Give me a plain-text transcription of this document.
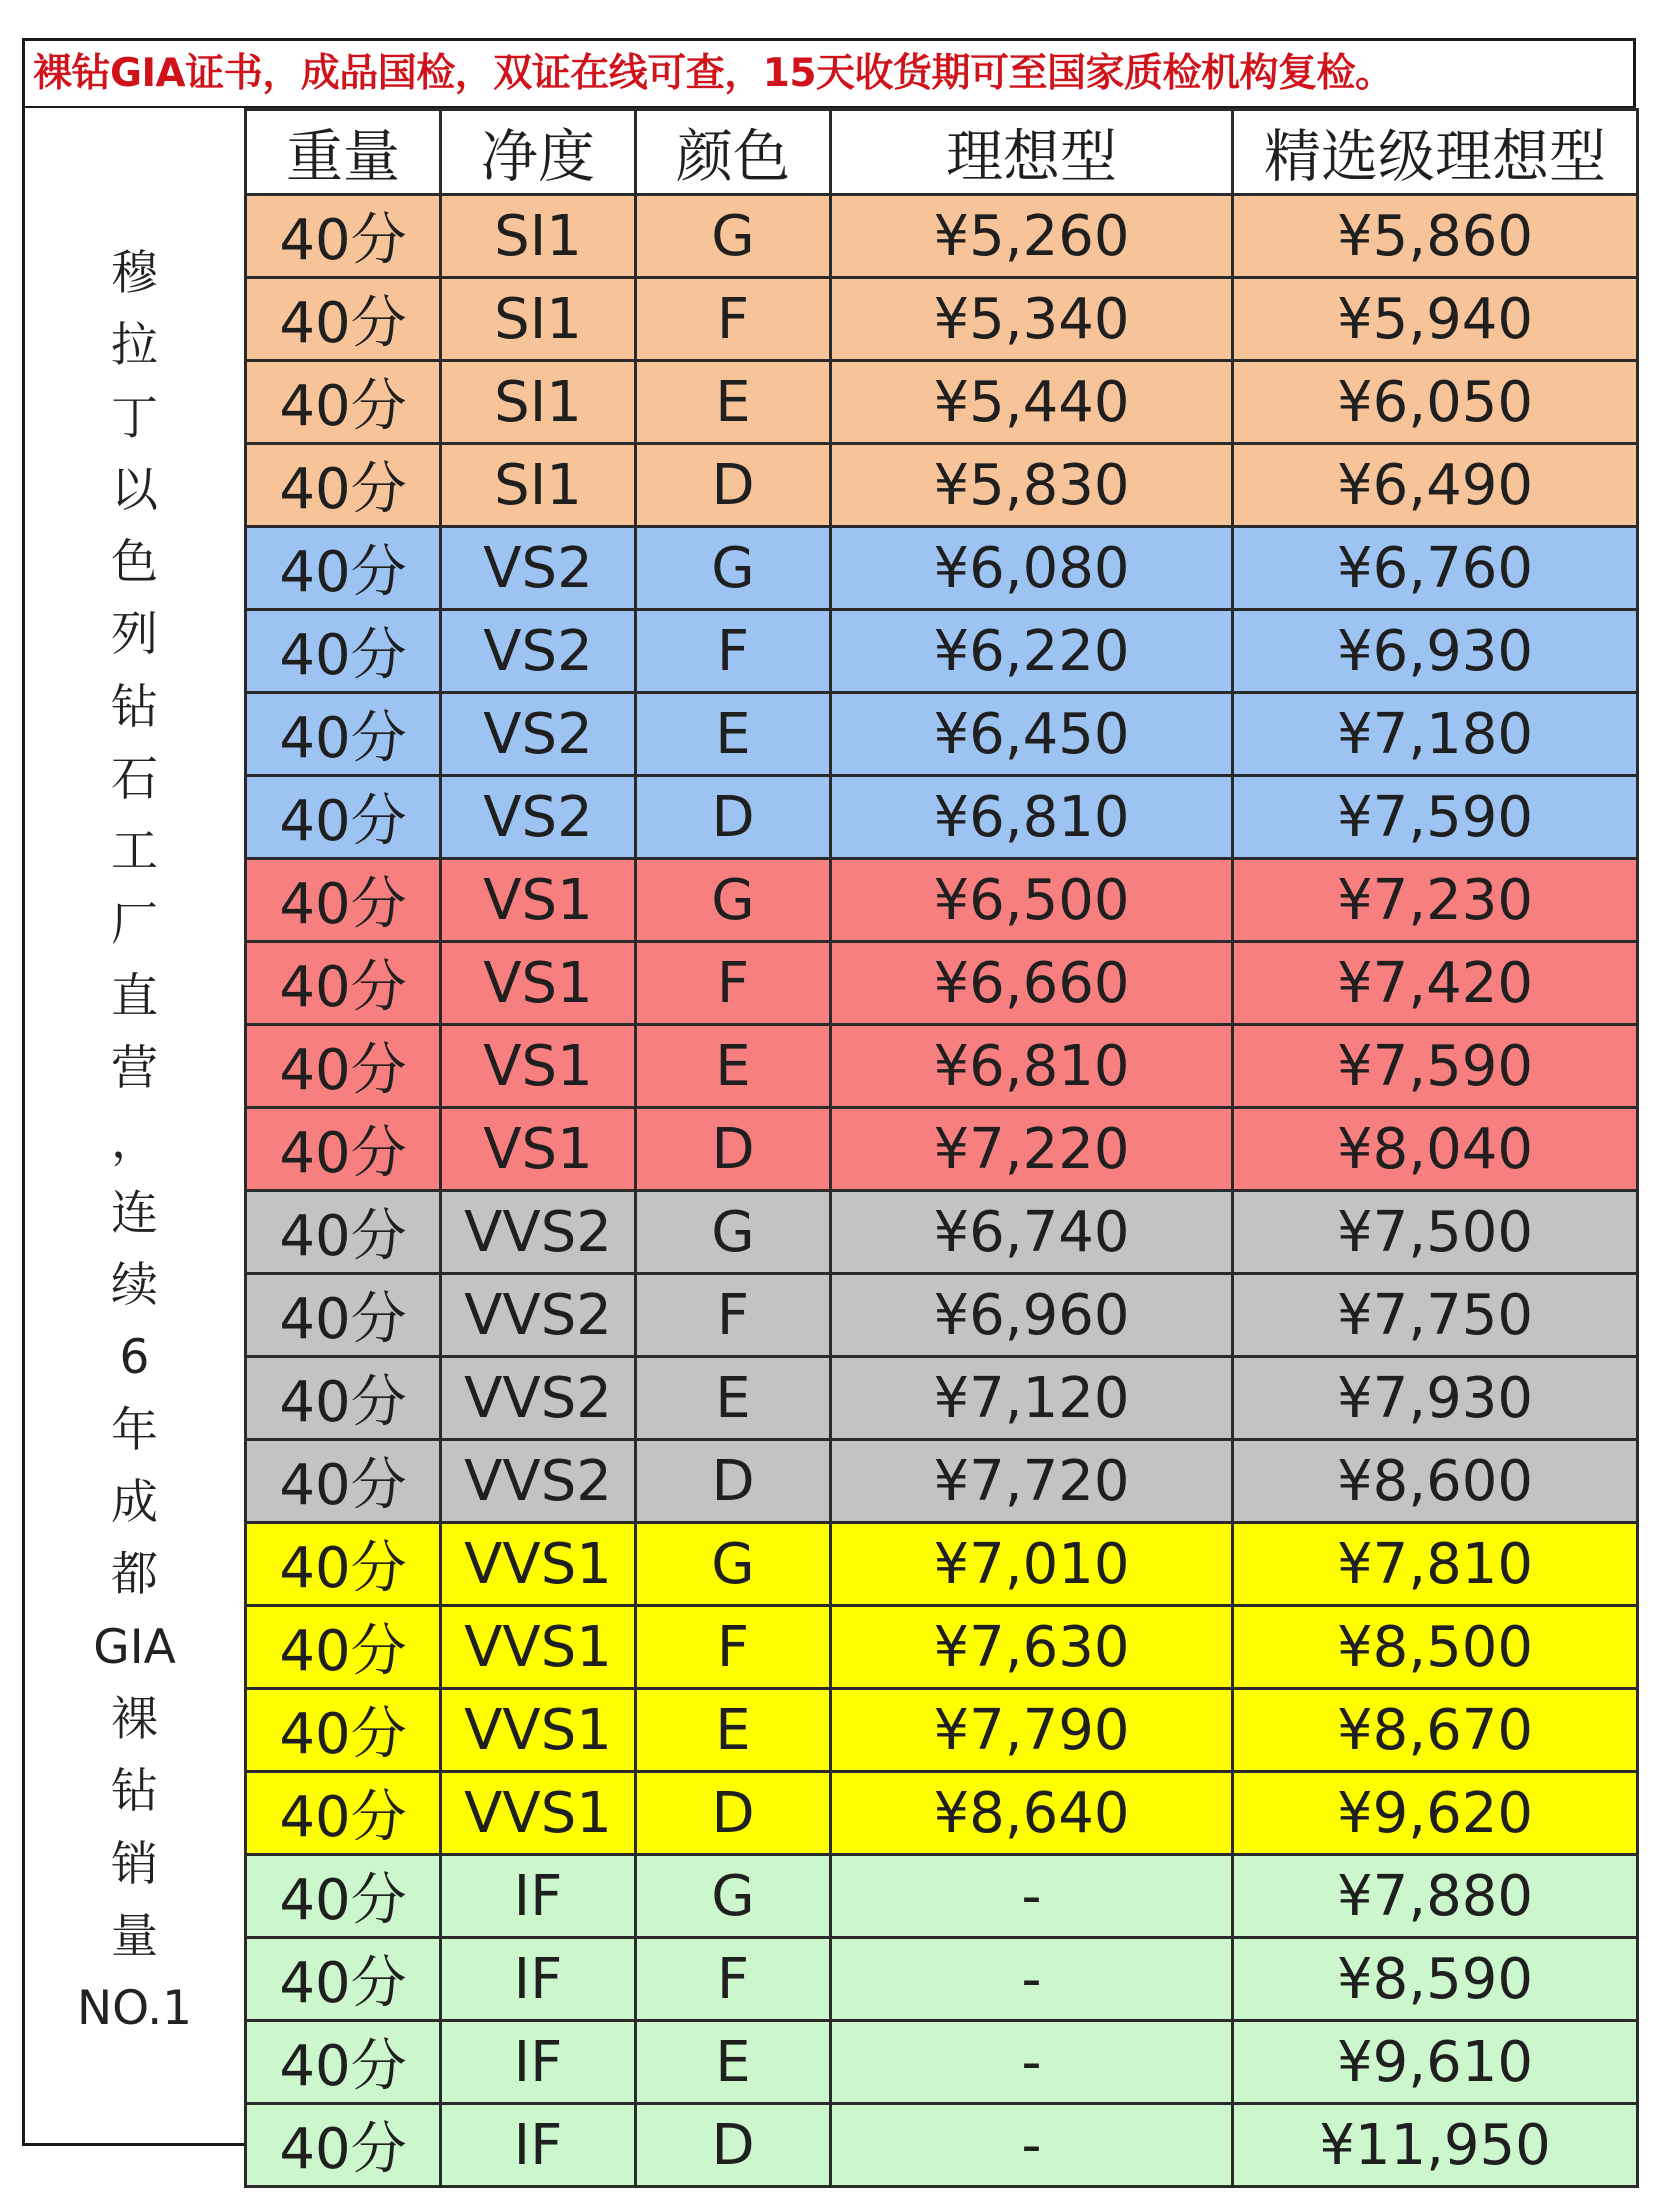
裸钻GIA证书，成品国检，双证在线可查，15天收货期可至国家质检机构复检。
穆
拉
丁
以
色
列
钻
石
工
厂
直
营
，
连
续
6
年
成
都
GIA
裸
钻
销
量
NO.1
重量	净度	颜色	理想型	精选级理想型
40分	SI1	G	¥5,260	¥5,860
40分	SI1	F	¥5,340	¥5,940
40分	SI1	E	¥5,440	¥6,050
40分	SI1	D	¥5,830	¥6,490
40分	VS2	G	¥6,080	¥6,760
40分	VS2	F	¥6,220	¥6,930
40分	VS2	E	¥6,450	¥7,180
40分	VS2	D	¥6,810	¥7,590
40分	VS1	G	¥6,500	¥7,230
40分	VS1	F	¥6,660	¥7,420
40分	VS1	E	¥6,810	¥7,590
40分	VS1	D	¥7,220	¥8,040
40分	VVS2	G	¥6,740	¥7,500
40分	VVS2	F	¥6,960	¥7,750
40分	VVS2	E	¥7,120	¥7,930
40分	VVS2	D	¥7,720	¥8,600
40分	VVS1	G	¥7,010	¥7,810
40分	VVS1	F	¥7,630	¥8,500
40分	VVS1	E	¥7,790	¥8,670
40分	VVS1	D	¥8,640	¥9,620
40分	IF	G	-	¥7,880
40分	IF	F	-	¥8,590
40分	IF	E	-	¥9,610
40分	IF	D	-	¥11,950
